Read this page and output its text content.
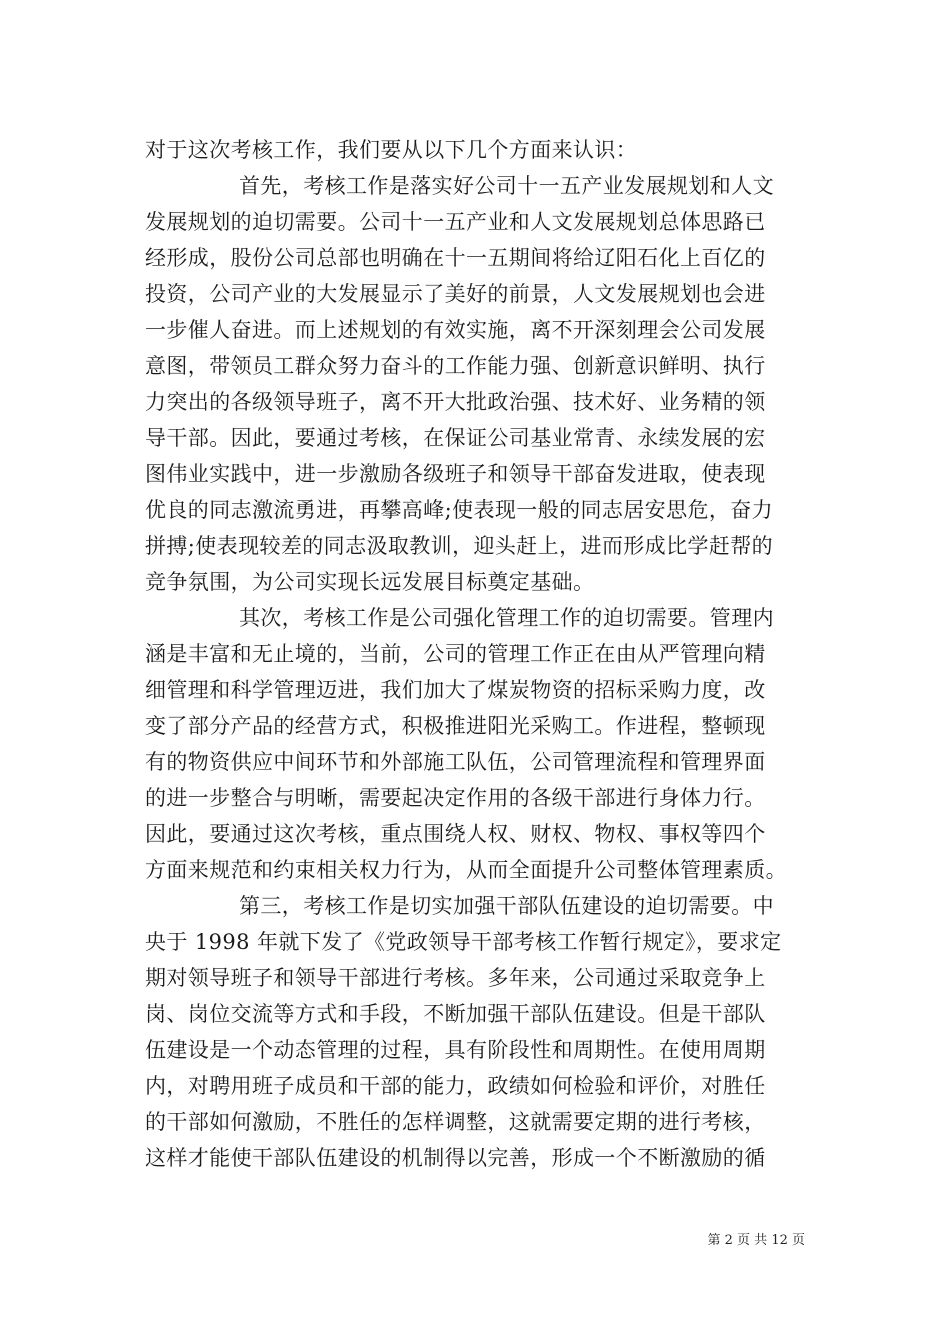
对于这次考核工作，我们要从以下几个方面来认识：
首先，考核工作是落实好公司十一五产业发展规划和人文
发展规划的迫切需要。公司十一五产业和人文发展规划总体思路已
经形成，股份公司总部也明确在十一五期间将给辽阳石化上百亿的
投资，公司产业的大发展显示了美好的前景，人文发展规划也会进
一步催人奋进。而上述规划的有效实施，离不开深刻理会公司发展
意图，带领员工群众努力奋斗的工作能力强、创新意识鲜明、执行
力突出的各级领导班子，离不开大批政治强、技术好、业务精的领
导干部。因此，要通过考核，在保证公司基业常青、永续发展的宏
图伟业实践中，进一步激励各级班子和领导干部奋发进取，使表现
优良的同志激流勇进，再攀高峰;使表现一般的同志居安思危，奋力
拼搏;使表现较差的同志汲取教训，迎头赶上，进而形成比学赶帮的
竞争氛围，为公司实现长远发展目标奠定基础。
其次，考核工作是公司强化管理工作的迫切需要。管理内
涵是丰富和无止境的，当前，公司的管理工作正在由从严管理向精
细管理和科学管理迈进，我们加大了煤炭物资的招标采购力度，改
变了部分产品的经营方式，积极推进阳光采购工。作进程，整顿现
有的物资供应中间环节和外部施工队伍，公司管理流程和管理界面
的进一步整合与明晰，需要起决定作用的各级干部进行身体力行。
因此，要通过这次考核，重点围绕人权、财权、物权、事权等四个
方面来规范和约束相关权力行为，从而全面提升公司整体管理素质。
第三，考核工作是切实加强干部队伍建设的迫切需要。中
央于 1998 年就下发了《党政领导干部考核工作暂行规定》，要求定
期对领导班子和领导干部进行考核。多年来，公司通过采取竞争上
岗、岗位交流等方式和手段，不断加强干部队伍建设。但是干部队
伍建设是一个动态管理的过程，具有阶段性和周期性。在使用周期
内，对聘用班子成员和干部的能力，政绩如何检验和评价，对胜任
的干部如何激励，不胜任的怎样调整，这就需要定期的进行考核，
这样才能使干部队伍建设的机制得以完善，形成一个不断激励的循
第 2 页 共 12 页
